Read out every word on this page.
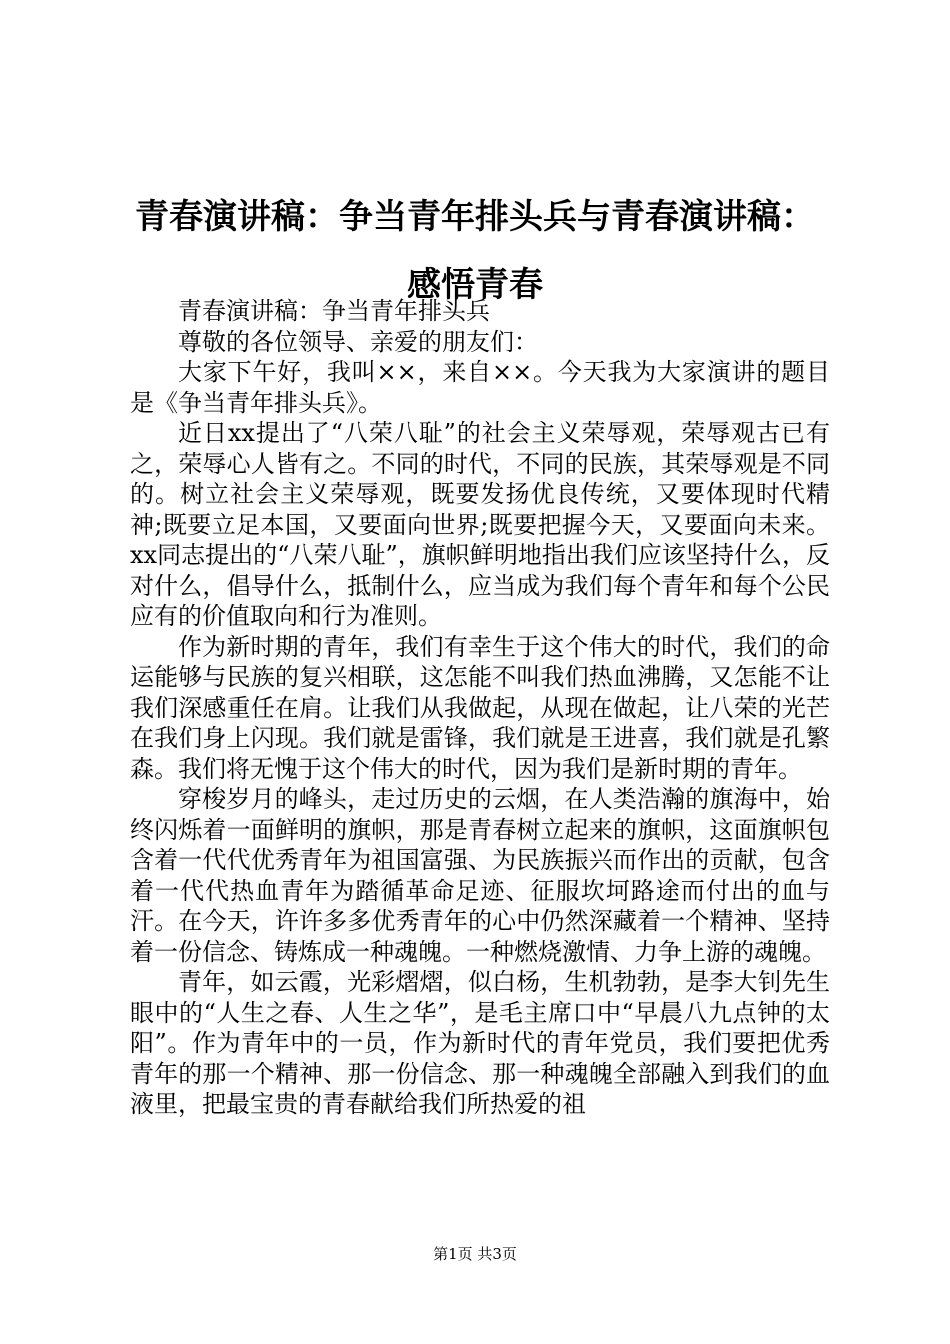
青春演讲稿：争当青年排头兵与青春演讲稿：感悟青春

青春演讲稿：争当青年排头兵

尊敬的各位领导、亲爱的朋友们：

大家下午好，我叫××，来自××。今天我为大家演讲的题目是《争当青年排头兵》。

近日xx提出了“八荣八耻”的社会主义荣辱观，荣辱观古已有之，荣辱心人皆有之。不同的时代，不同的民族，其荣辱观是不同的。树立社会主义荣辱观，既要发扬优良传统，又要体现时代精神;既要立足本国，又要面向世界;既要把握今天，又要面向未来。xx同志提出的“八荣八耻”，旗帜鲜明地指出我们应该坚持什么，反对什么，倡导什么，抵制什么，应当成为我们每个青年和每个公民应有的价值取向和行为准则。

作为新时期的青年，我们有幸生于这个伟大的时代，我们的命运能够与民族的复兴相联，这怎能不叫我们热血沸腾，又怎能不让我们深感重任在肩。让我们从我做起，从现在做起，让八荣的光芒在我们身上闪现。我们就是雷锋，我们就是王进喜，我们就是孔繁森。我们将无愧于这个伟大的时代，因为我们是新时期的青年。

穿梭岁月的峰头，走过历史的云烟，在人类浩瀚的旗海中，始终闪烁着一面鲜明的旗帜，那是青春树立起来的旗帜，这面旗帜包含着一代代优秀青年为祖国富强、为民族振兴而作出的贡献，包含着一代代热血青年为踏循革命足迹、征服坎坷路途而付出的血与汗。在今天，许许多多优秀青年的心中仍然深藏着一个精神、坚持着一份信念、铸炼成一种魂魄。一种燃烧激情、力争上游的魂魄。

青年，如云霞，光彩熠熠，似白杨，生机勃勃，是李大钊先生眼中的“人生之春、人生之华”，是毛主席口中“早晨八九点钟的太阳”。作为青年中的一员，作为新时代的青年党员，我们要把优秀青年的那一个精神、那一份信念、那一种魂魄全部融入到我们的血液里，把最宝贵的青春献给我们所热爱的祖

第1页 共3页
